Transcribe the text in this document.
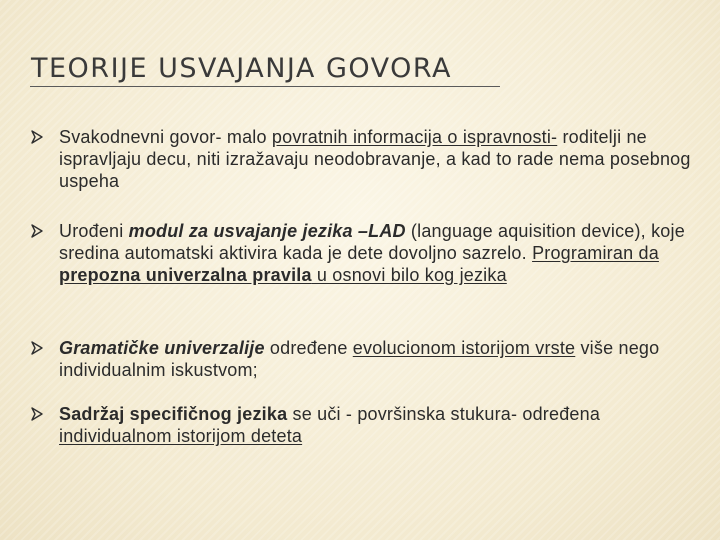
TEORIJE USVAJANJA GOVORA
Svakodnevni govor- malo povratnih informacija o ispravnosti- roditelji ne ispravljaju decu, niti izražavaju neodobravanje, a kad to rade nema posebnog uspeha
Urođeni modul za usvajanje jezika –LAD (language aquisition device), koje sredina automatski aktivira kada je dete dovoljno sazrelo. Programiran da prepozna univerzalna pravila u osnovi bilo kog jezika
Gramatičke univerzalije određene evolucionom istorijom vrste više nego individualnim iskustvom;
Sadržaj specifičnog jezika se uči - površinska stukura- određena individualnom istorijom deteta
